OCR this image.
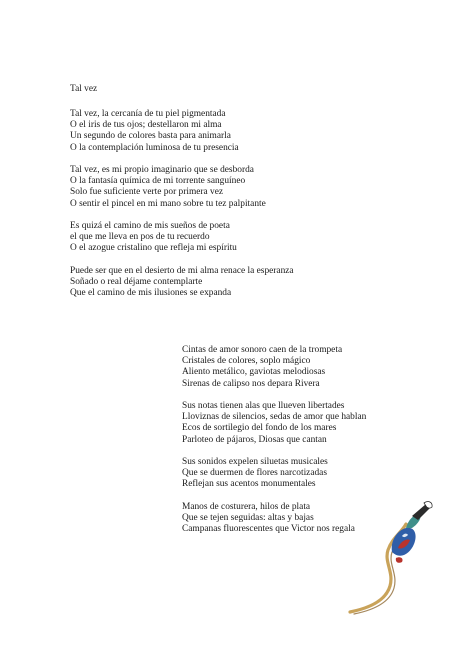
Tal vez
Tal vez, la cercanía de tu piel pigmentada
O el iris de tus ojos; destellaron mi alma
Un segundo de colores basta para animarla
O la contemplación luminosa de tu presencia
Tal vez, es mi propio imaginario que se desborda
O la fantasía química de mi torrente sanguíneo
Solo fue suficiente verte por primera vez
O sentir el pincel en mi mano sobre tu tez palpitante
Es quizá el camino de mis sueños de poeta
el que me lleva en pos de tu recuerdo
O el azogue cristalino que refleja mi espíritu
Puede ser que en el desierto de mi alma renace la esperanza
Soñado o real déjame contemplarte
Que el camino de mis ilusiones se expanda
Cintas de amor sonoro caen de la trompeta
Cristales de colores, soplo mágico
Aliento metálico, gaviotas melodiosas
Sirenas de calipso nos depara Rivera
Sus notas tienen alas que llueven libertades
Lloviznas de silencios, sedas de amor que hablan
Ecos de sortilegio del fondo de los mares
Parloteo de pájaros, Diosas que cantan
Sus sonidos expelen siluetas musicales
Que se duermen de flores narcotizadas
Reflejan sus acentos monumentales
Manos de costurera, hilos de plata
Que se tejen seguidas: altas y bajas
Campanas fluorescentes que Victor nos regala
